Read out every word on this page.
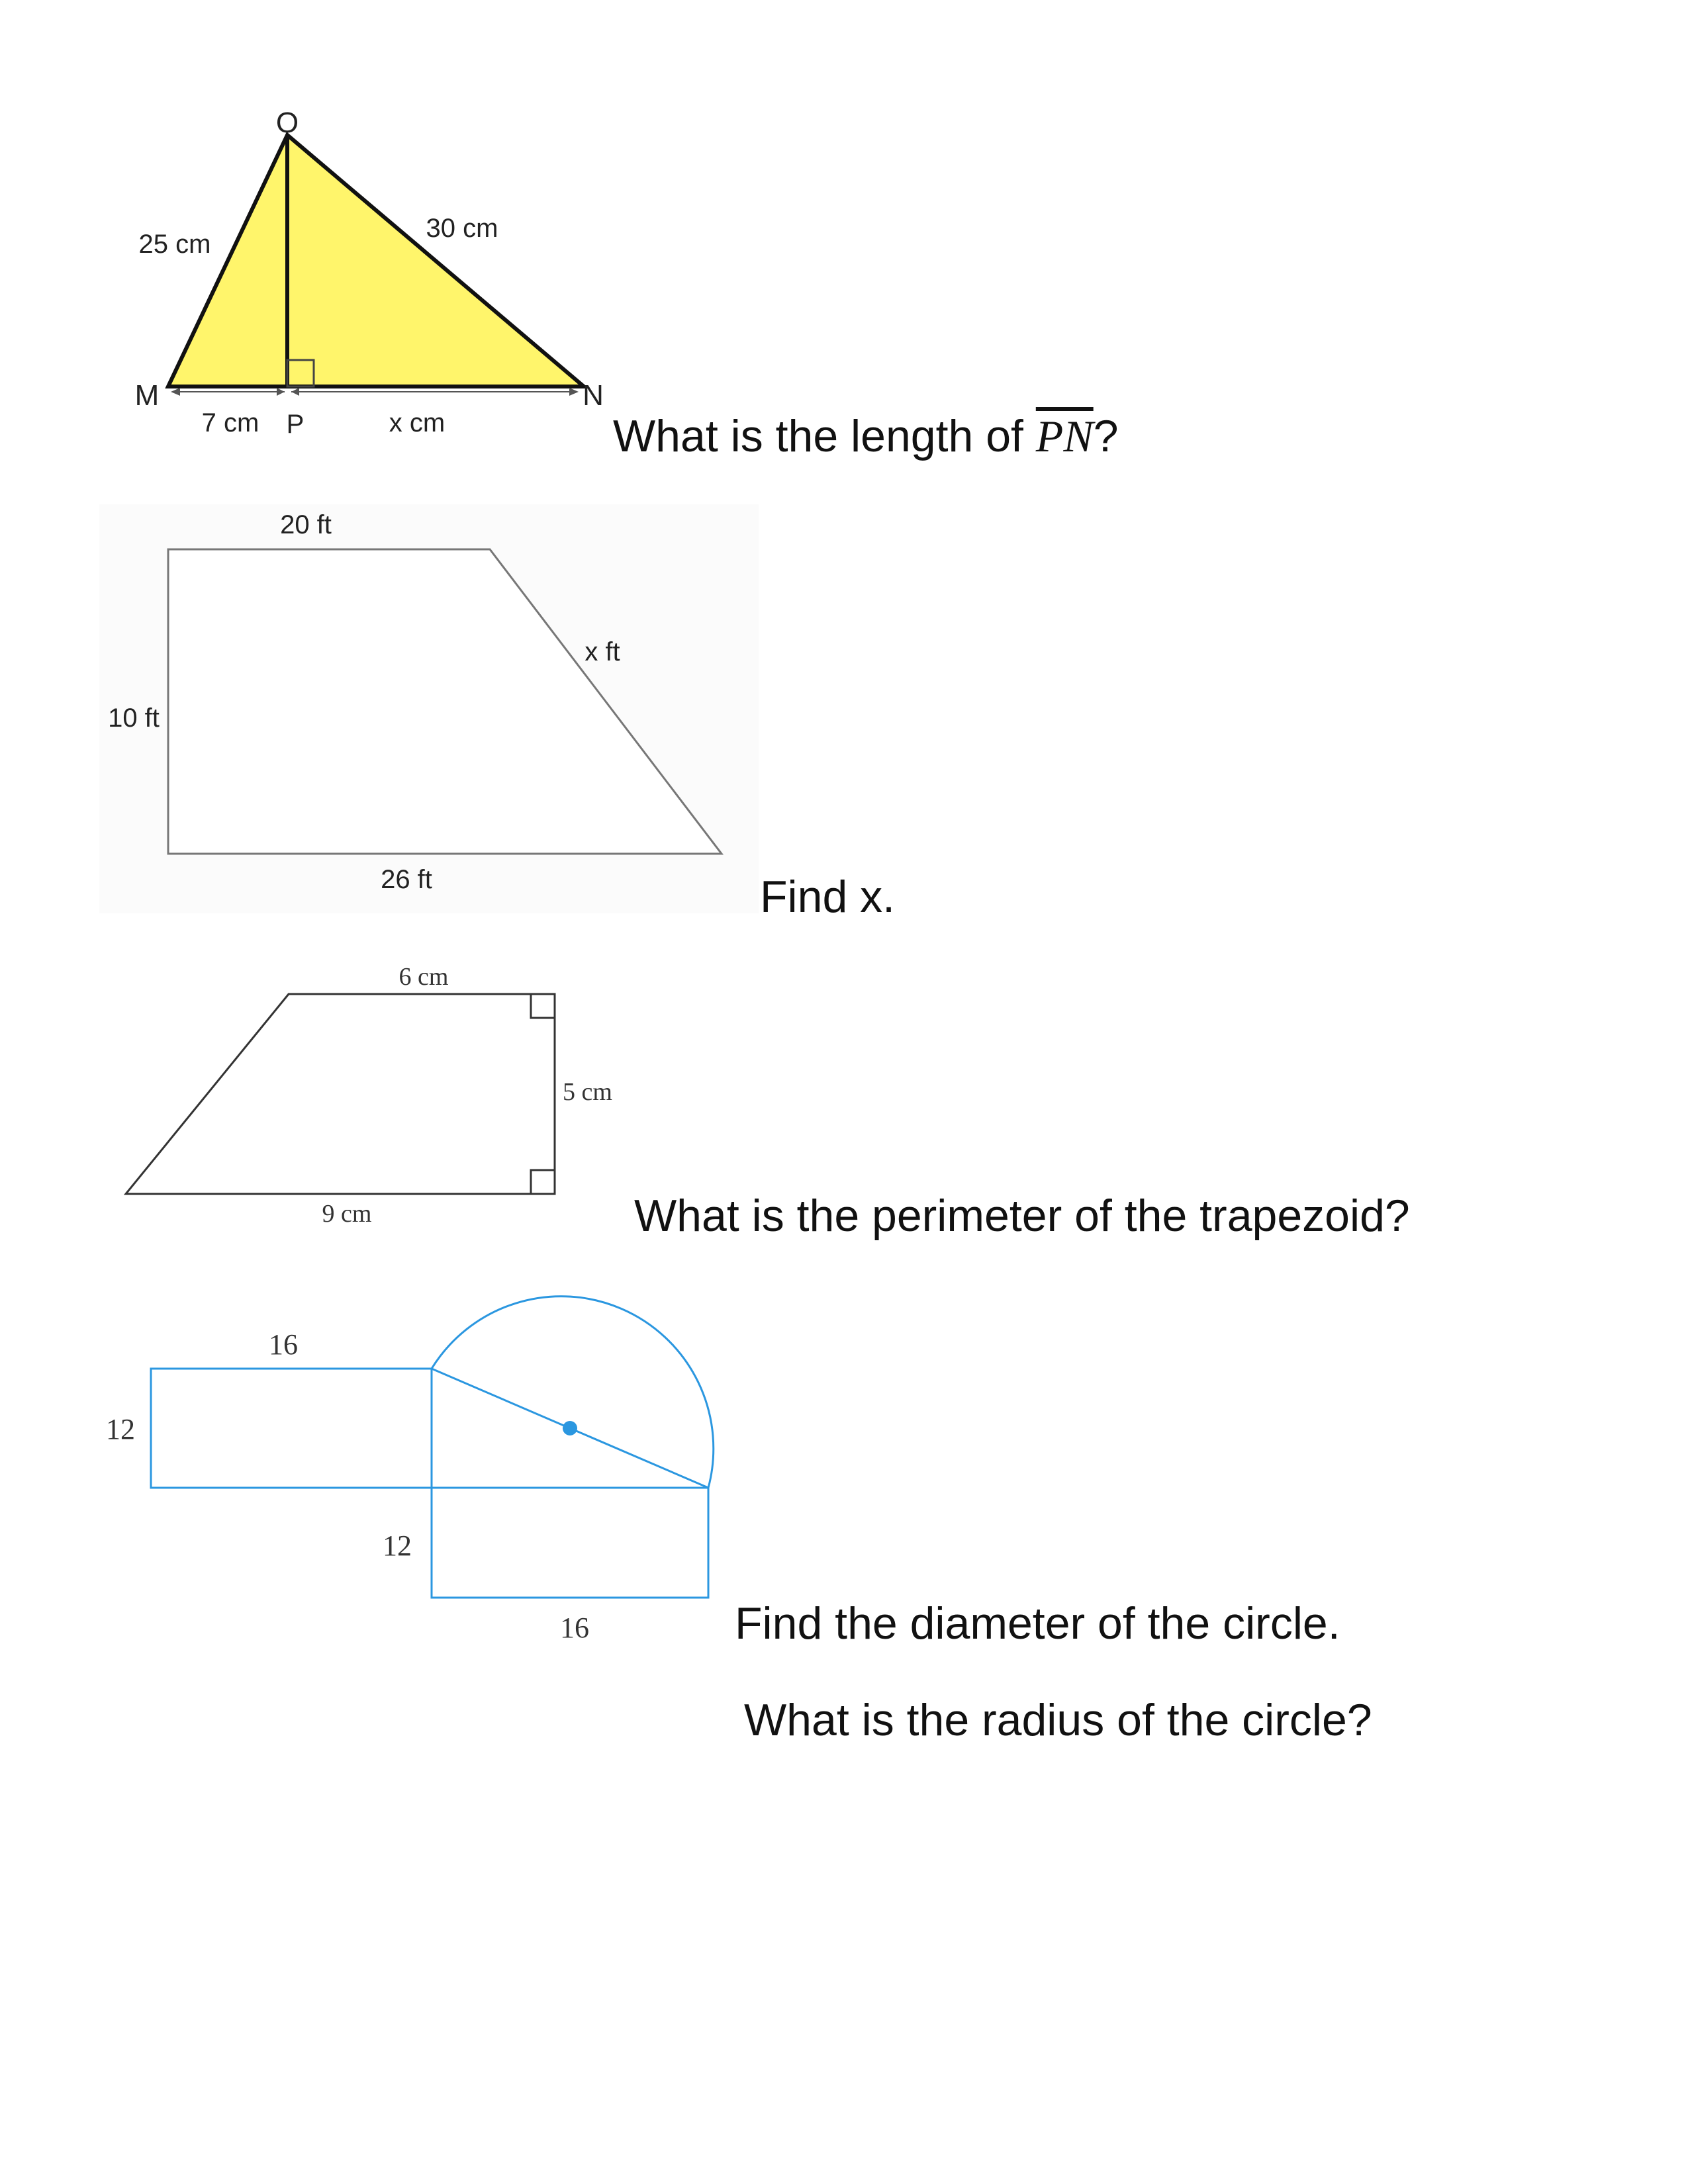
O
M	N
P
25 cm
30 cm
7 cm	x cm
20 ft
10 ft
x ft
26 ft
6 cm
5 cm
9 cm
16
12
12
16
What is the length of $\overline{PN}$?
Find x.
What is the perimeter of the trapezoid?
Find the diameter of the circle.
What is the radius of the circle?
